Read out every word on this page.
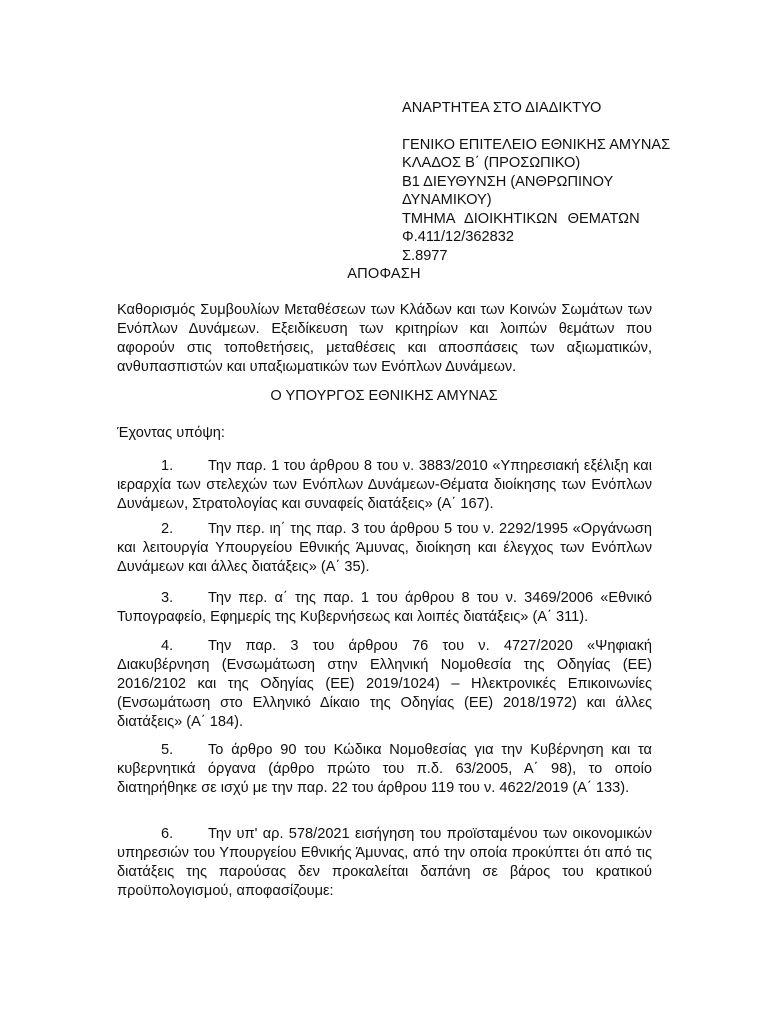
ΑΝΑΡΤΗΤΕΑ ΣΤΟ ΔΙΑΔΙΚΤΥΟ
ΓΕΝΙΚΟ ΕΠΙΤΕΛΕΙΟ ΕΘΝΙΚΗΣ ΑΜΥΝΑΣ
ΚΛΑΔΟΣ Β΄ (ΠΡΟΣΩΠΙΚΟ)
Β1 ΔΙΕΥΘΥΝΣΗ (ΑΝΘΡΩΠΙΝΟΥ
ΔΥΝΑΜΙΚΟΥ)
ΤΜΗΜΑ ΔΙΟΙΚΗΤΙΚΩΝ ΘΕΜΑΤΩΝ
Φ.411/12/362832
Σ.8977
ΑΠΟΦΑΣΗ
Καθορισμός Συμβουλίων Μεταθέσεων των Κλάδων και των Κοινών Σωμάτων των Ενόπλων Δυνάμεων. Εξειδίκευση των κριτηρίων και λοιπών θεμάτων που αφορούν στις τοποθετήσεις, μεταθέσεις και αποσπάσεις των αξιωματικών, ανθυπασπιστών και υπαξιωματικών των Ενόπλων Δυνάμεων.
Ο ΥΠΟΥΡΓΟΣ ΕΘΝΙΚΗΣ ΑΜΥΝΑΣ
Έχοντας υπόψη:
1. Την παρ. 1 του άρθρου 8 του ν. 3883/2010 «Υπηρεσιακή εξέλιξη και ιεραρχία των στελεχών των Ενόπλων Δυνάμεων-Θέματα διοίκησης των Ενόπλων Δυνάμεων, Στρατολογίας και συναφείς διατάξεις» (Α΄ 167).
2. Την περ. ιη΄ της παρ. 3 του άρθρου 5 του ν. 2292/1995 «Οργάνωση και λειτουργία Υπουργείου Εθνικής Άμυνας, διοίκηση και έλεγχος των Ενόπλων Δυνάμεων και άλλες διατάξεις» (Α΄ 35).
3. Την περ. α΄ της παρ. 1 του άρθρου 8 του ν. 3469/2006 «Εθνικό Τυπογραφείο, Εφημερίς της Κυβερνήσεως και λοιπές διατάξεις» (Α΄ 311).
4. Την παρ. 3 του άρθρου 76 του ν. 4727/2020 «Ψηφιακή Διακυβέρνηση (Ενσωμάτωση στην Ελληνική Νομοθεσία της Οδηγίας (ΕΕ) 2016/2102 και της Οδηγίας (ΕΕ) 2019/1024) – Ηλεκτρονικές Επικοινωνίες (Ενσωμάτωση στο Ελληνικό Δίκαιο της Οδηγίας (ΕΕ) 2018/1972) και άλλες διατάξεις» (Α΄ 184).
5. Το άρθρο 90 του Κώδικα Νομοθεσίας για την Κυβέρνηση και τα κυβερνητικά όργανα (άρθρο πρώτο του π.δ. 63/2005, Α΄ 98), το οποίο διατηρήθηκε σε ισχύ με την παρ. 22 του άρθρου 119 του ν. 4622/2019 (Α΄ 133).
6. Την υπ' αρ. 578/2021 εισήγηση του προϊσταμένου των οικονομικών υπηρεσιών του Υπουργείου Εθνικής Άμυνας, από την οποία προκύπτει ότι από τις διατάξεις της παρούσας δεν προκαλείται δαπάνη σε βάρος του κρατικού προϋπολογισμού, αποφασίζουμε:
